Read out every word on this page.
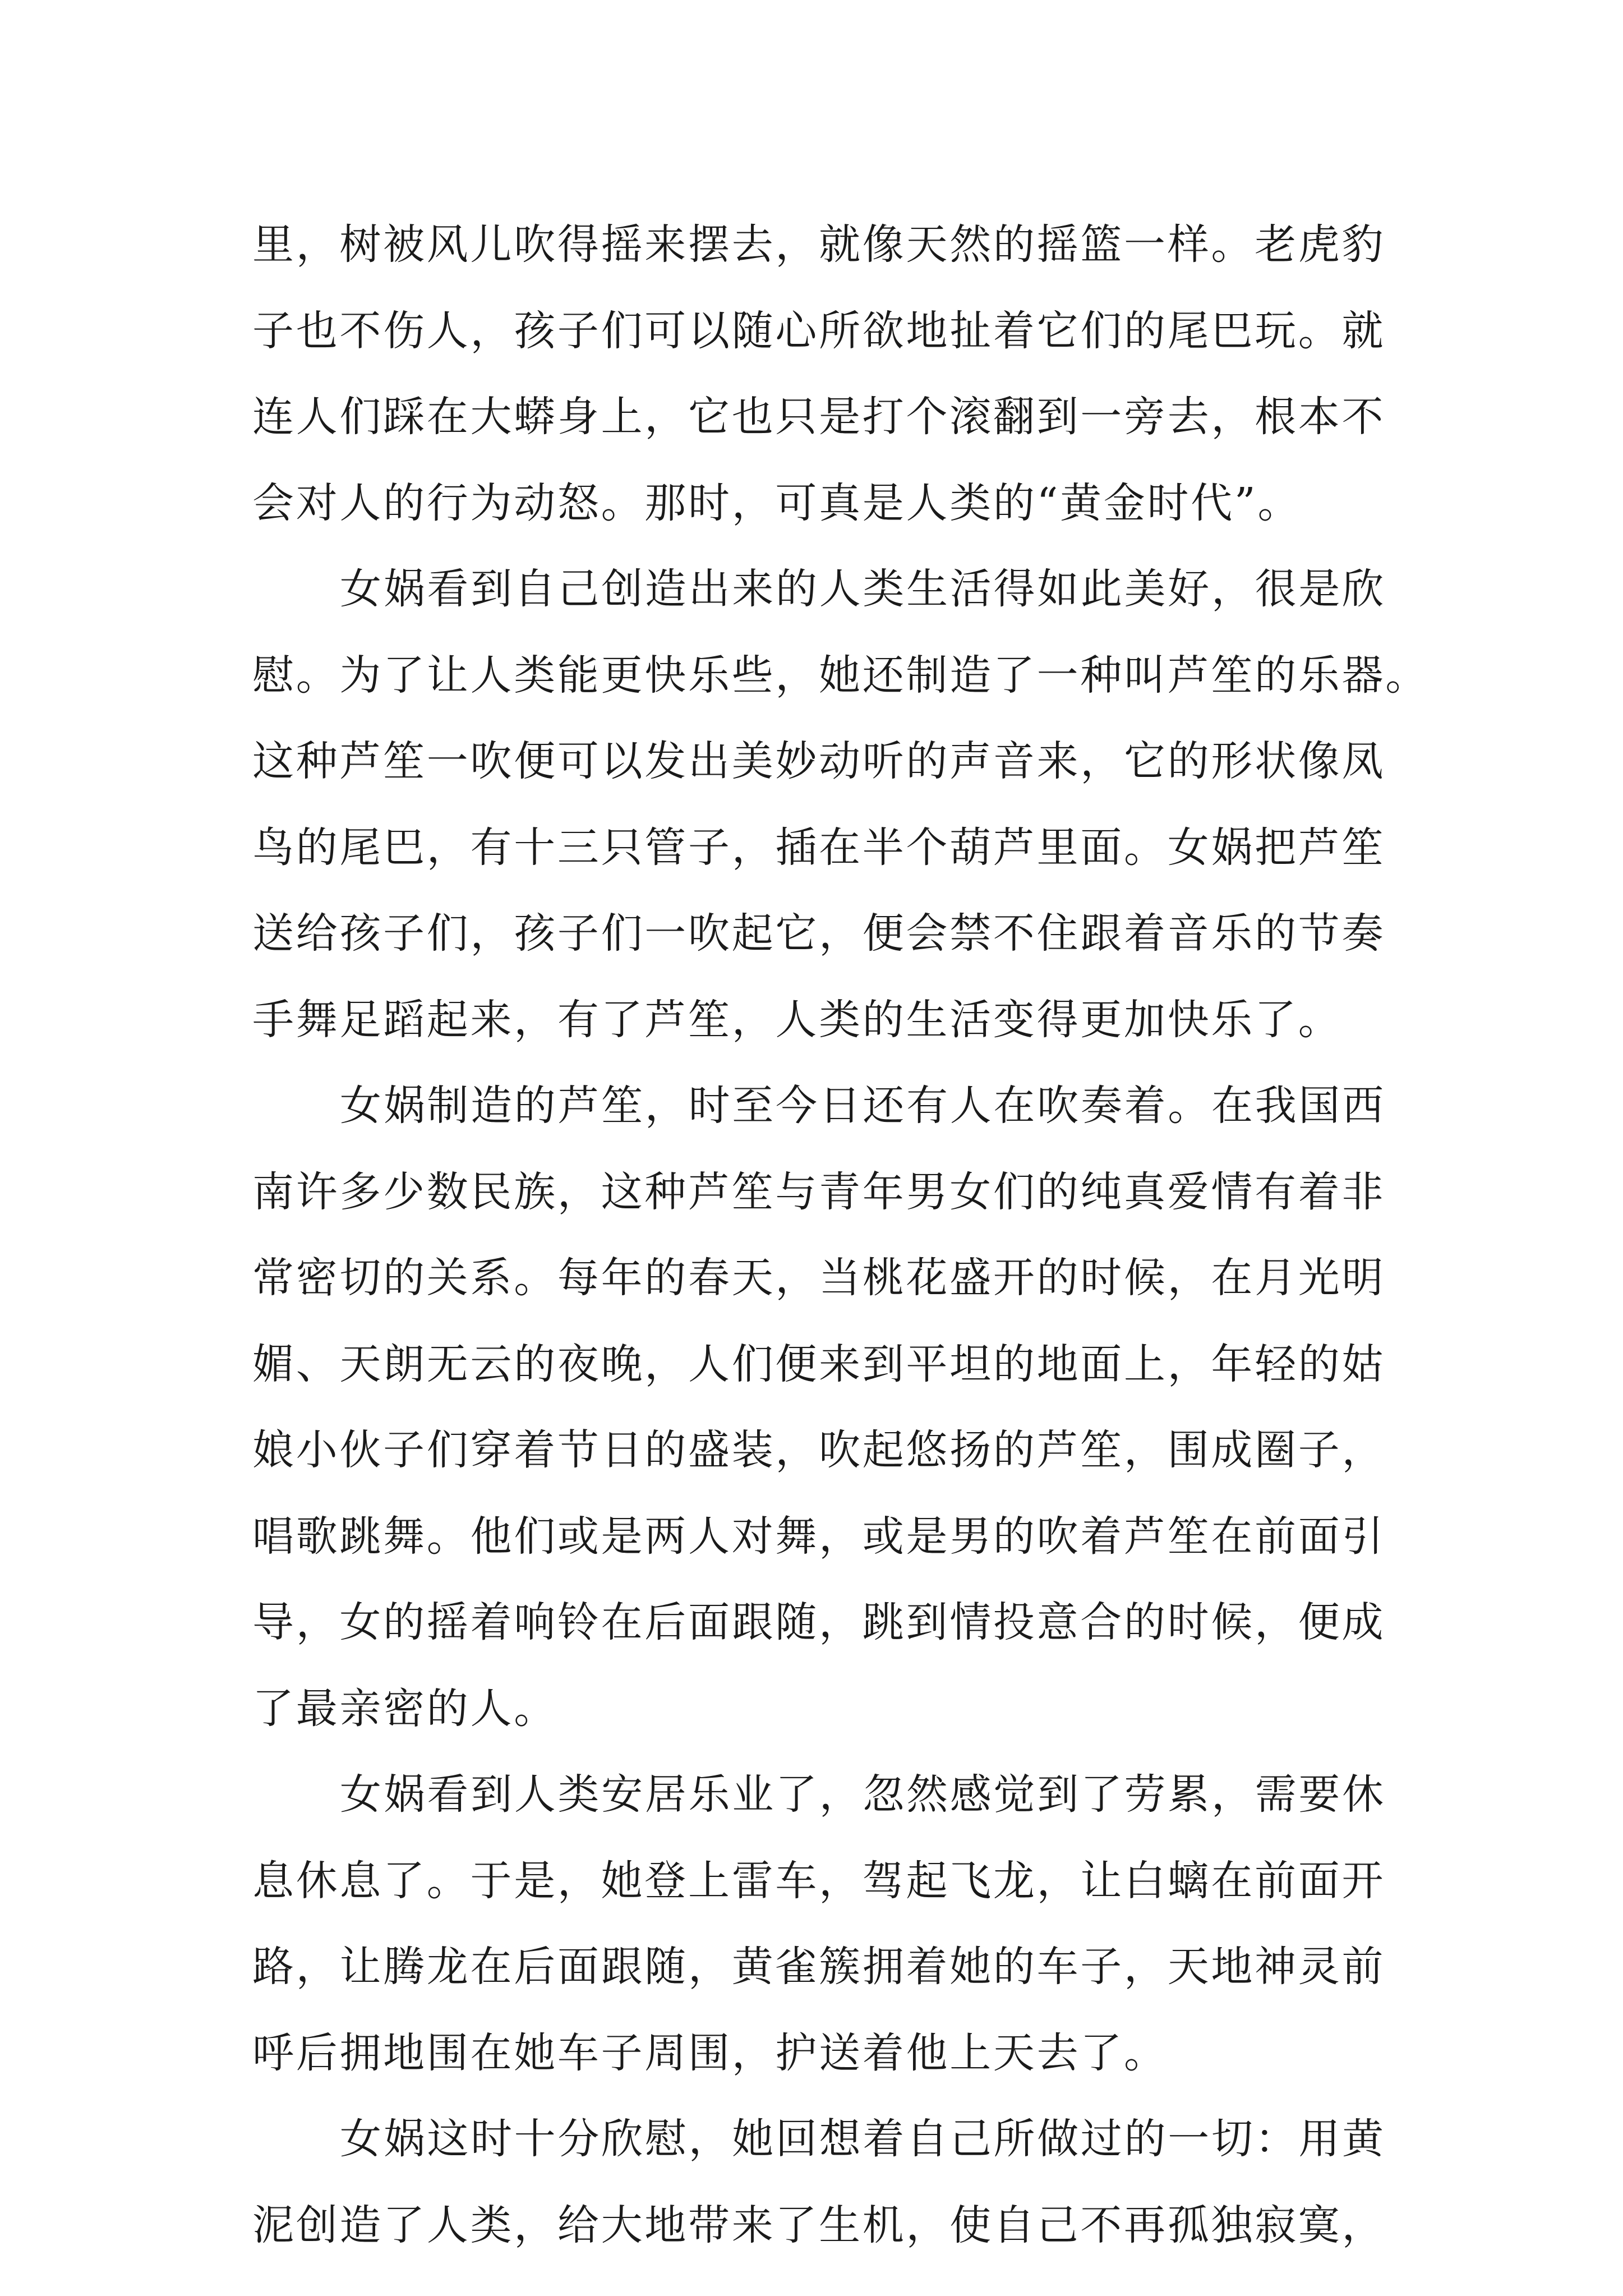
里，树被风儿吹得摇来摆去，就像天然的摇篮一样。老虎豹
子也不伤人，孩子们可以随心所欲地扯着它们的尾巴玩。就
连人们踩在大蟒身上，它也只是打个滚翻到一旁去，根本不
会对人的行为动怒。那时，可真是人类的“黄金时代”。

女娲看到自己创造出来的人类生活得如此美好，很是欣
慰。为了让人类能更快乐些，她还制造了一种叫芦笙的乐器。
这种芦笙一吹便可以发出美妙动听的声音来，它的形状像凤
鸟的尾巴，有十三只管子，插在半个葫芦里面。女娲把芦笙
送给孩子们，孩子们一吹起它，便会禁不住跟着音乐的节奏
手舞足蹈起来，有了芦笙，人类的生活变得更加快乐了。

女娲制造的芦笙，时至今日还有人在吹奏着。在我国西
南许多少数民族，这种芦笙与青年男女们的纯真爱情有着非
常密切的关系。每年的春天，当桃花盛开的时候，在月光明
媚、天朗无云的夜晚，人们便来到平坦的地面上，年轻的姑
娘小伙子们穿着节日的盛装，吹起悠扬的芦笙，围成圈子，
唱歌跳舞。他们或是两人对舞，或是男的吹着芦笙在前面引
导，女的摇着响铃在后面跟随，跳到情投意合的时候，便成
了最亲密的人。

女娲看到人类安居乐业了，忽然感觉到了劳累，需要休
息休息了。于是，她登上雷车，驾起飞龙，让白螭在前面开
路，让腾龙在后面跟随，黄雀簇拥着她的车子，天地神灵前
呼后拥地围在她车子周围，护送着他上天去了。

女娲这时十分欣慰，她回想着自己所做过的一切：用黄
泥创造了人类，给大地带来了生机，使自己不再孤独寂寞，
